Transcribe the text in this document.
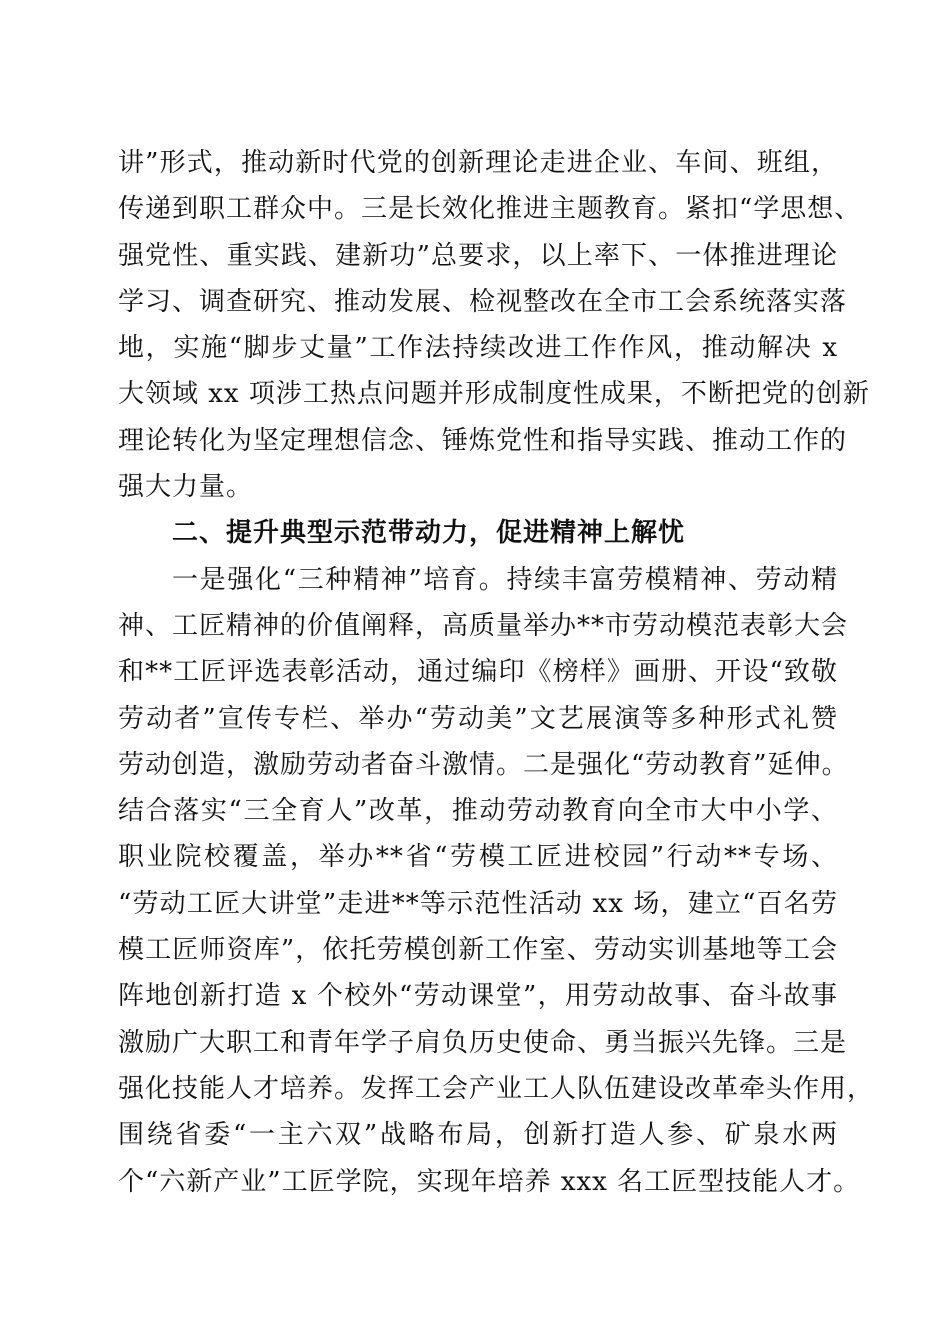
讲”形式，推动新时代党的创新理论走进企业、车间、班组，
传递到职工群众中。三是长效化推进主题教育。紧扣“学思想、
强党性、重实践、建新功”总要求，以上率下、一体推进理论
学习、调查研究、推动发展、检视整改在全市工会系统落实落
地，实施“脚步丈量”工作法持续改进工作作风，推动解决 x
大领域 xx 项涉工热点问题并形成制度性成果，不断把党的创新
理论转化为坚定理想信念、锤炼党性和指导实践、推动工作的
强大力量。
二、提升典型示范带动力，促进精神上解忧
一是强化“三种精神”培育。持续丰富劳模精神、劳动精
神、工匠精神的价值阐释，高质量举办**市劳动模范表彰大会
和**工匠评选表彰活动，通过编印《榜样》画册、开设“致敬
劳动者”宣传专栏、举办“劳动美”文艺展演等多种形式礼赞
劳动创造，激励劳动者奋斗激情。二是强化“劳动教育”延伸。
结合落实“三全育人”改革，推动劳动教育向全市大中小学、
职业院校覆盖，举办**省“劳模工匠进校园”行动**专场、
“劳动工匠大讲堂”走进**等示范性活动 xx 场，建立“百名劳
模工匠师资库”，依托劳模创新工作室、劳动实训基地等工会
阵地创新打造 x 个校外“劳动课堂”，用劳动故事、奋斗故事
激励广大职工和青年学子肩负历史使命、勇当振兴先锋。三是
强化技能人才培养。发挥工会产业工人队伍建设改革牵头作用，
围绕省委“一主六双”战略布局，创新打造人参、矿泉水两
个“六新产业”工匠学院，实现年培养 xxx 名工匠型技能人才。
